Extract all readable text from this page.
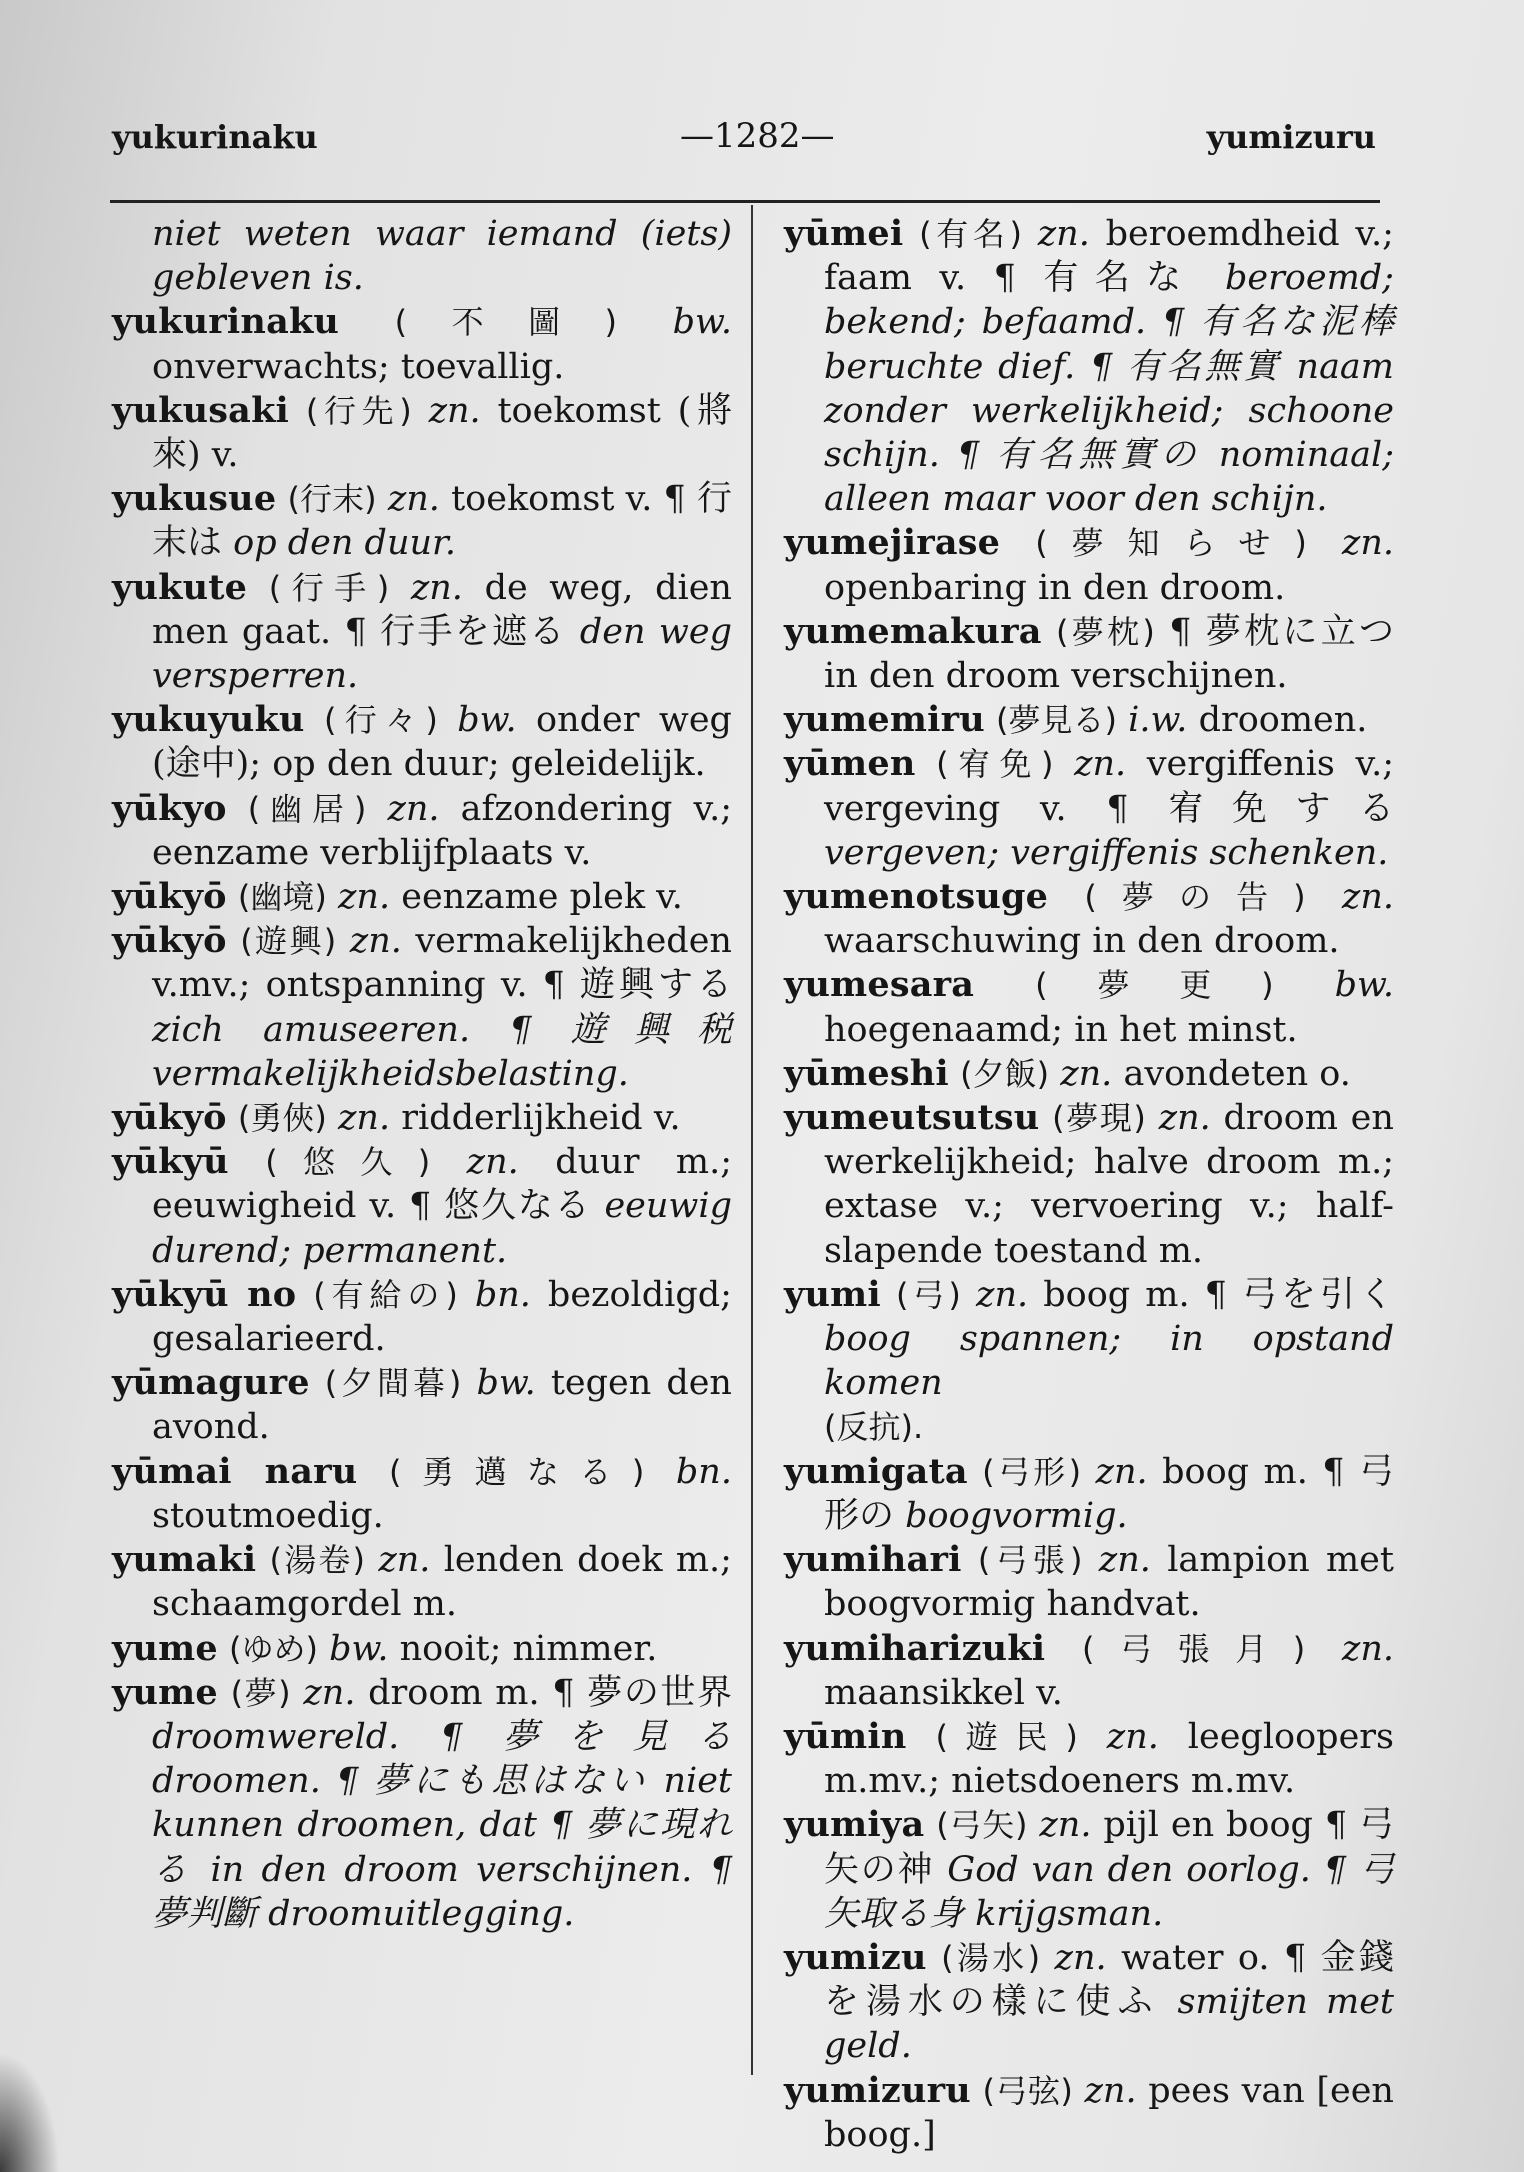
yukurinaku	—1282—	yumizuru

niet weten waar iemand (iets) gebleven is.

yukurinaku (不圖) bw. onverwachts; toevallig.

yukusaki (行先) zn. toekomst (將來) v.

yukusue (行末) zn. toekomst v. ¶ 行末は op den duur.

yukute (行手) zn. de weg, dien men gaat. ¶ 行手を遮る den weg versperren.

yukuyuku (行々) bw. onder weg (途中); op den duur; geleidelijk.

yūkyo (幽居) zn. afzondering v.; eenzame verblijfplaats v.

yūkyō (幽境) zn. eenzame plek v.

yūkyō (遊興) zn. vermakelijkheden v.mv.; ontspanning v. ¶ 遊興する zich amuseeren. ¶ 遊興税 vermakelijkheidsbelasting.

yūkyō (勇俠) zn. ridderlijkheid v.

yūkyū (悠久) zn. duur m.; eeuwigheid v. ¶ 悠久なる eeuwig durend; permanent.

yūkyū no (有給の) bn. bezoldigd; gesalarieerd.

yūmagure (夕間暮) bw. tegen den avond.

yūmai naru (勇邁なる) bn. stoutmoedig.

yumaki (湯卷) zn. lenden doek m.; schaamgordel m.

yume (ゆめ) bw. nooit; nimmer.

yume (夢) zn. droom m. ¶ 夢の世界 droomwereld. ¶ 夢を見る droomen. ¶ 夢にも思はない niet kunnen droomen, dat ¶ 夢に現れる in den droom verschijnen. ¶ 夢判斷 droomuitlegging.

yūmei (有名) zn. beroemdheid v.; faam v. ¶ 有名な beroemd; bekend; befaamd. ¶ 有名な泥棒 beruchte dief. ¶ 有名無實 naam zonder werkelijkheid; schoone schijn. ¶ 有名無實の nominaal; alleen maar voor den schijn.

yumejirase (夢知らせ) zn. openbaring in den droom.

yumemakura (夢枕) ¶ 夢枕に立つ in den droom verschijnen.

yumemiru (夢見る) i.w. droomen.

yūmen (宥免) zn. vergiffenis v.; vergeving v. ¶ 宥免する vergeven; vergiffenis schenken.

yumenotsuge (夢の告) zn. waarschuwing in den droom.

yumesara (夢更) bw. hoegenaamd; in het minst.

yūmeshi (夕飯) zn. avondeten o.

yumeutsutsu (夢現) zn. droom en werkelijkheid; halve droom m.; extase v.; vervoering v.; half-slapende toestand m.

yumi (弓) zn. boog m. ¶ 弓を引く boog spannen; in opstand komen

(反抗).

yumigata (弓形) zn. boog m. ¶ 弓形の boogvormig.

yumihari (弓張) zn. lampion met boogvormig handvat.

yumiharizuki (弓張月) zn. maansikkel v.

yūmin (遊民) zn. leegloopers m.mv.; nietsdoeners m.mv.

yumiya (弓矢) zn. pijl en boog ¶ 弓矢の神 God van den oorlog. ¶ 弓矢取る身 krijgsman.

yumizu (湯水) zn. water o. ¶ 金錢を湯水の樣に使ふ smijten met geld.

yumizuru (弓弦) zn. pees van [een boog.]
